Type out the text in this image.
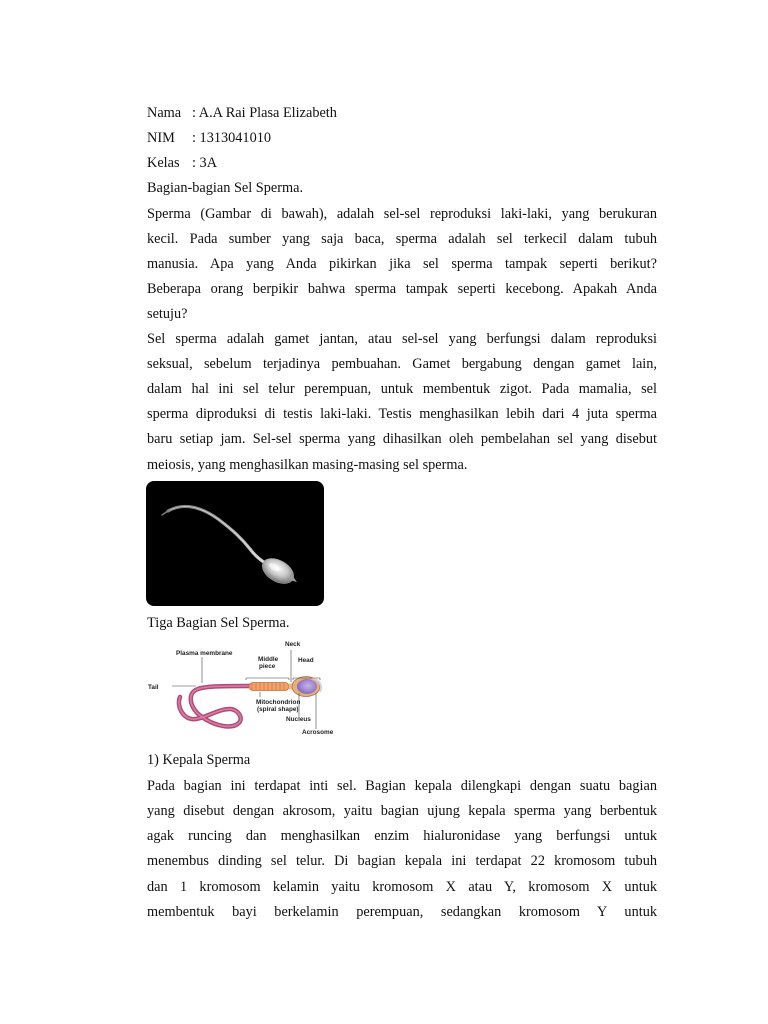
Nama : A.A Rai Plasa Elizabeth
NIM : 1313041010
Kelas : 3A
Bagian-bagian Sel Sperma.
Sperma (Gambar di bawah), adalah sel-sel reproduksi laki-laki, yang berukuran
kecil. Pada sumber yang saja baca, sperma adalah sel terkecil dalam tubuh
manusia. Apa yang Anda pikirkan jika sel sperma tampak seperti berikut?
Beberapa orang berpikir bahwa sperma tampak seperti kecebong. Apakah Anda
setuju?
Sel sperma adalah gamet jantan, atau sel-sel yang berfungsi dalam reproduksi
seksual, sebelum terjadinya pembuahan. Gamet bergabung dengan gamet lain,
dalam hal ini sel telur perempuan, untuk membentuk zigot. Pada mamalia, sel
sperma diproduksi di testis laki-laki. Testis menghasilkan lebih dari 4 juta sperma
baru setiap jam. Sel-sel sperma yang dihasilkan oleh pembelahan sel yang disebut
meiosis, yang menghasilkan masing-masing sel sperma.
Tiga Bagian Sel Sperma.
Plasma membrane
Neck
Middle
piece
Head
Tail
Mitochondrion
(spiral shape)
Nucleus
Acrosome
1) Kepala Sperma
Pada bagian ini terdapat inti sel. Bagian kepala dilengkapi dengan suatu bagian
yang disebut dengan akrosom, yaitu bagian ujung kepala sperma yang berbentuk
agak runcing dan menghasilkan enzim hialuronidase yang berfungsi untuk
menembus dinding sel telur. Di bagian kepala ini terdapat 22 kromosom tubuh
dan 1 kromosom kelamin yaitu kromosom X atau Y, kromosom X untuk
membentuk bayi berkelamin perempuan, sedangkan kromosom Y untuk
